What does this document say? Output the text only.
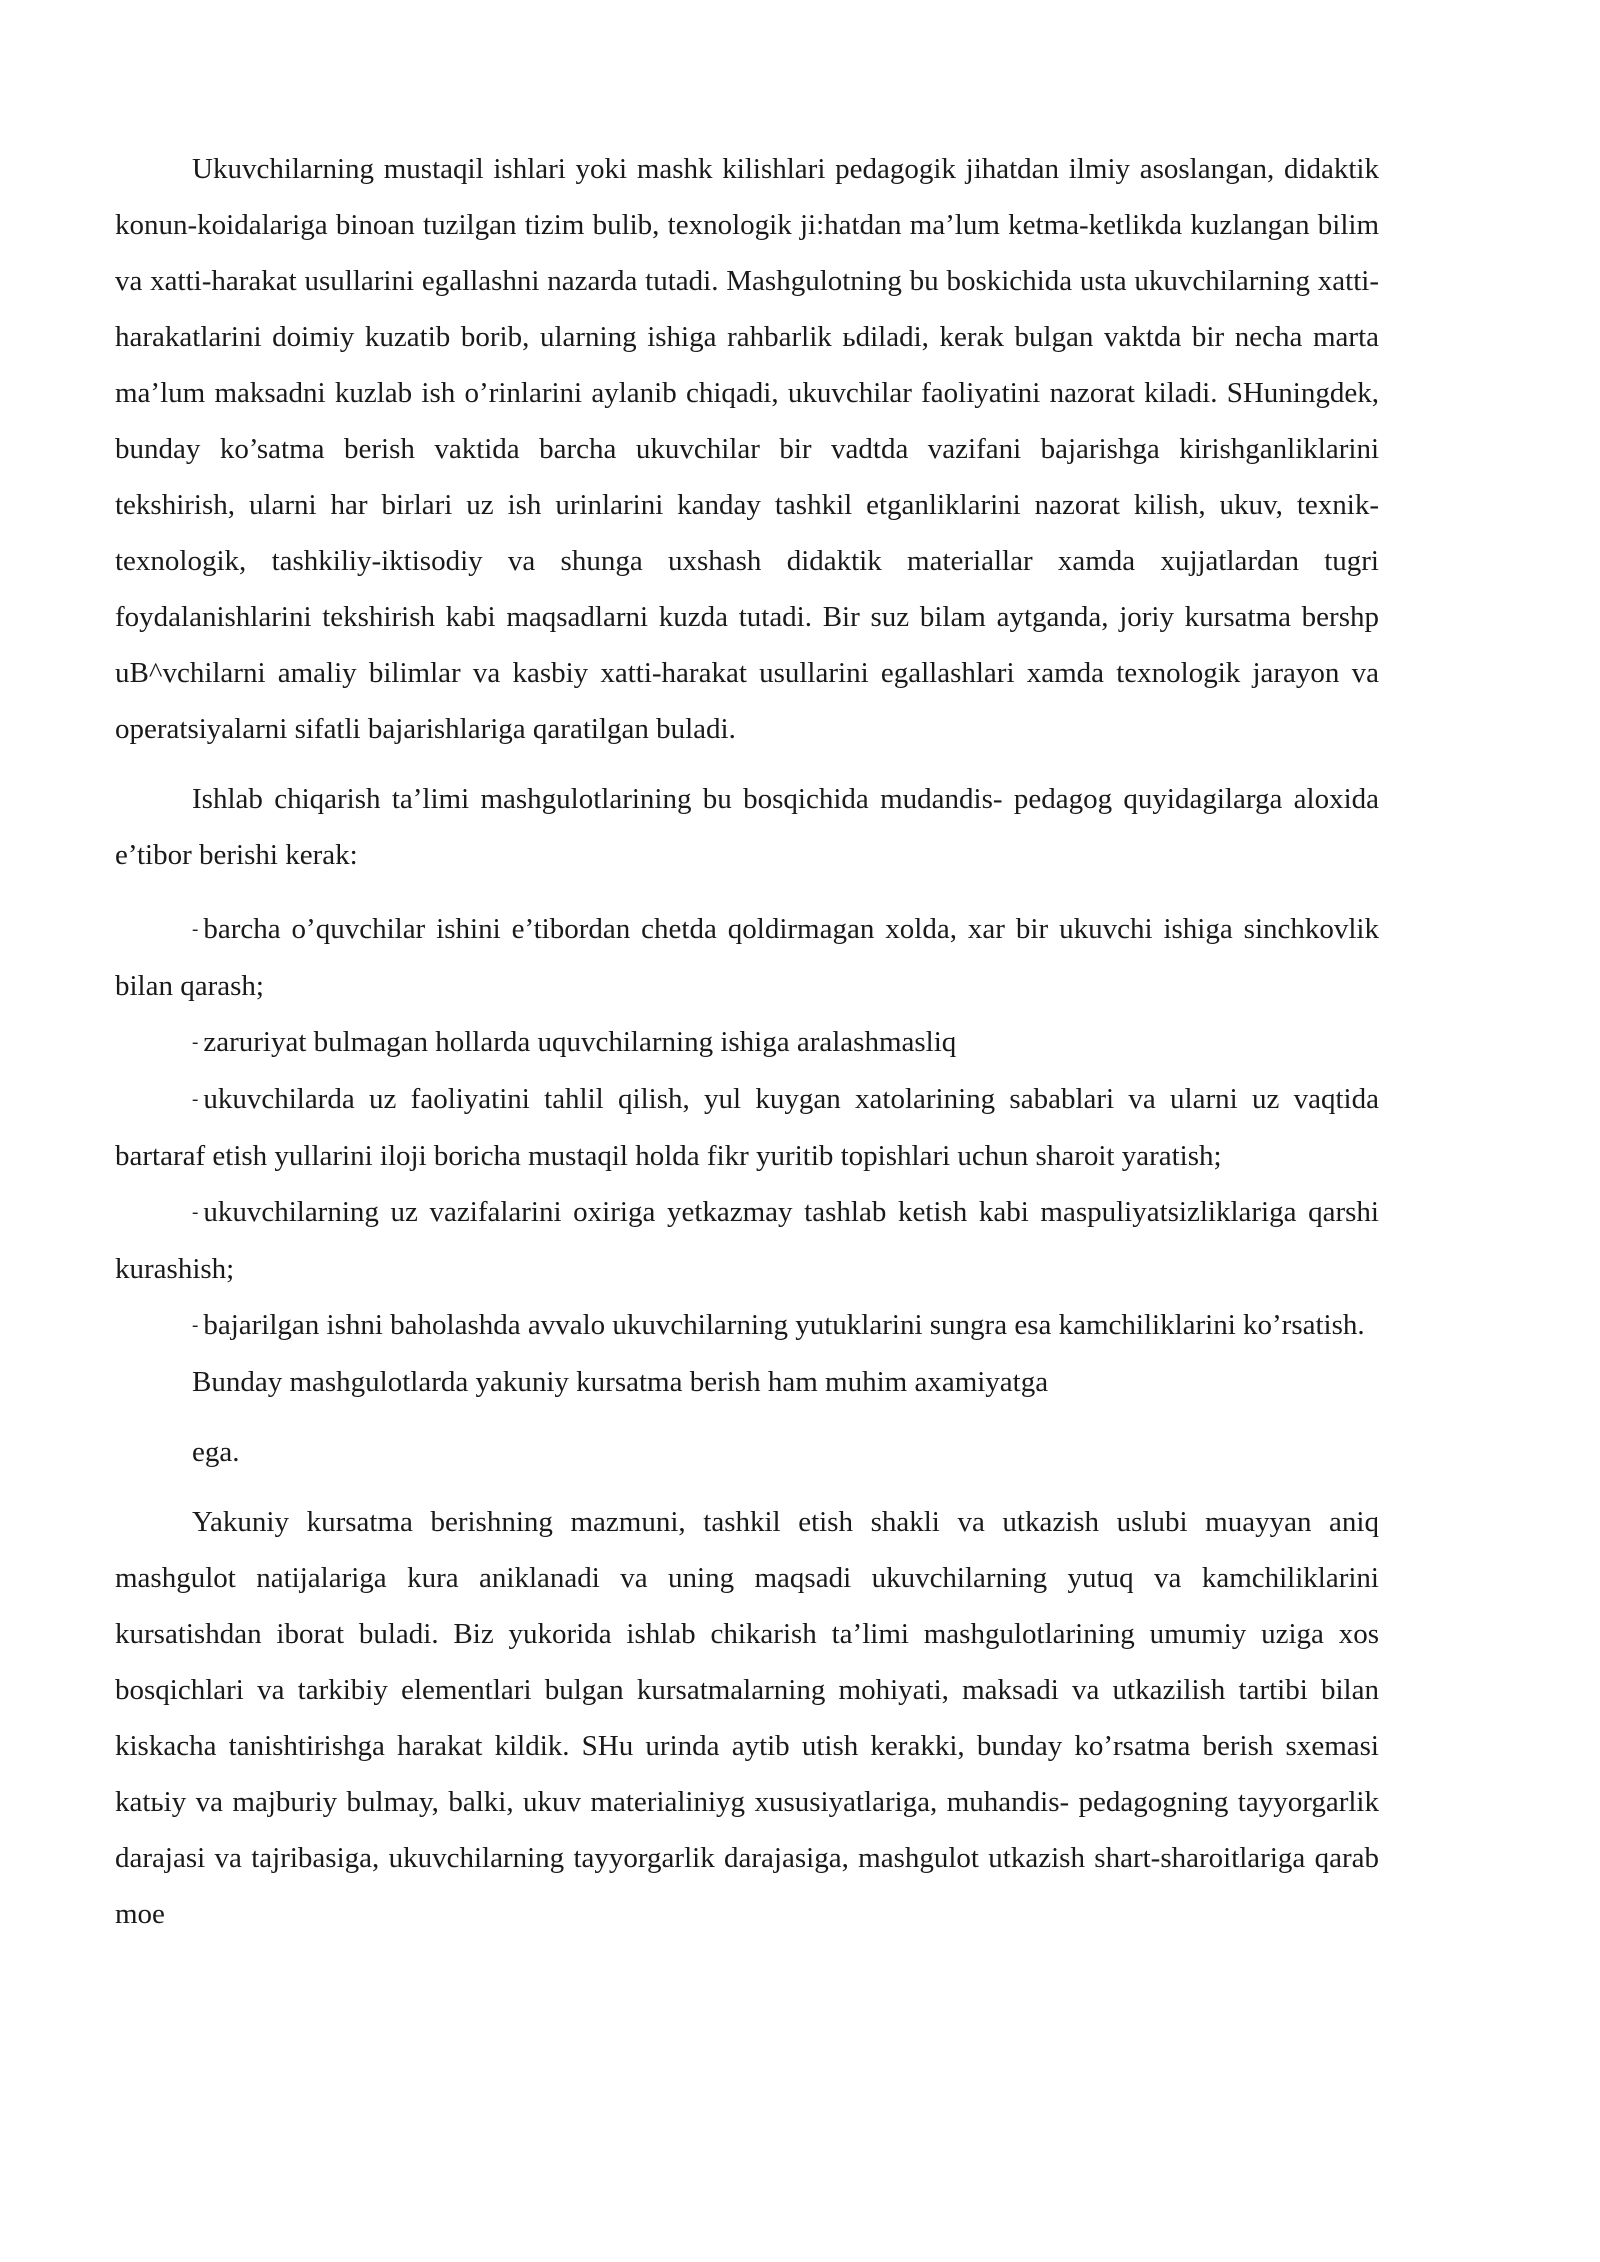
Ukuvchilarning mustaqil ishlari yoki mashk kilishlari pedagogik jihatdan ilmiy asoslangan, didaktik konun-koidalariga binoan tuzilgan tizim bulib, texnologik ji:hatdan ma’lum ketma-ketlikda kuzlangan bilim va xatti-harakat usullarini egallashni nazarda tutadi. Mashgulotning bu boskichida usta ukuvchilarning xatti-harakatlarini doimiy kuzatib borib, ularning ishiga rahbarlik ьdiladi, kerak bulgan vaktda bir necha marta ma’lum maksadni kuzlab ish o’rinlarini aylanib chiqadi, ukuvchilar faoliyatini nazorat kiladi. SHuningdek, bunday ko’satma berish vaktida barcha ukuvchilar bir vadtda vazifani bajarishga kirishganliklarini tekshirish, ularni har birlari uz ish urinlarini kanday tashkil etganliklarini nazorat kilish, ukuv, texnik-texnologik, tashkiliy-iktisodiy va shunga uxshash didaktik materiallar xamda xujjatlardan tugri foydalanishlarini tekshirish kabi maqsadlarni kuzda tutadi. Bir suz bilam aytganda, joriy kursatma bershp uB^vchilarni amaliy bilimlar va kasbiy xatti-harakat usullarini egallashlari xamda texnologik jarayon va operatsiyalarni sifatli bajarishlariga qaratilgan buladi.

Ishlab chiqarish ta’limi mashgulotlarining bu bosqichida mudandis- pedagog quyidagilarga aloxida e’tibor berishi kerak:

- barcha o’quvchilar ishini e’tibordan chetda qoldirmagan xolda, xar bir ukuvchi ishiga sinchkovlik bilan qarash;

- zaruriyat bulmagan hollarda uquvchilarning ishiga aralashmasliq

- ukuvchilarda uz faoliyatini tahlil qilish, yul kuygan xatolarining sabablari va ularni uz vaqtida bartaraf etish yullarini iloji boricha mustaqil holda fikr yuritib topishlari uchun sharoit yaratish;

- ukuvchilarning uz vazifalarini oxiriga yetkazmay tashlab ketish kabi maspuliyatsizliklariga qarshi kurashish;

- bajarilgan ishni baholashda avvalo ukuvchilarning yutuklarini sungra esa kamchiliklarini ko’rsatish.

Bunday mashgulotlarda yakuniy kursatma berish ham muhim axamiyatga

ega.

Yakuniy kursatma berishning mazmuni, tashkil etish shakli va utkazish uslubi muayyan aniq mashgulot natijalariga kura aniklanadi va uning maqsadi ukuvchilarning yutuq va kamchiliklarini kursatishdan iborat buladi. Biz yukorida ishlab chikarish ta’limi mashgulotlarining umumiy uziga xos bosqichlari va tarkibiy elementlari bulgan kursatmalarning mohiyati, maksadi va utkazilish tartibi bilan kiskacha tanishtirishga harakat kildik. SHu urinda aytib utish kerakki, bunday ko’rsatma berish sxemasi katьiy va majburiy bulmay, balki, ukuv materialiniyg xususiyatlariga, muhandis- pedagogning tayyorgarlik darajasi va tajribasiga, ukuvchilarning tayyorgarlik darajasiga, mashgulot utkazish shart-sharoitlariga qarab moe
